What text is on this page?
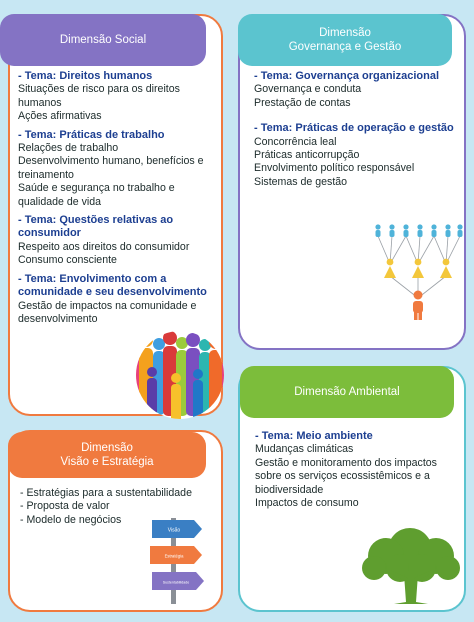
Dimensão Social
- Tema: Direitos humanos
Situações de risco para os direitos humanos
Ações afirmativas
- Tema: Práticas de trabalho
Relações de trabalho
Desenvolvimento humano, benefícios e treinamento
Saúde e segurança no trabalho e qualidade de vida
- Tema: Questões relativas ao consumidor
Respeito aos direitos do consumidor
Consumo consciente
- Tema: Envolvimento com a comunidade e seu desenvolvimento
Gestão de impactos na comunidade e desenvolvimento
Dimensão
Governança e Gestão
- Tema: Governança organizacional
Governança e conduta
Prestação de contas
- Tema: Práticas de operação e gestão
Concorrência leal
Práticas anticorrupção
Envolvimento político responsável
Sistemas de gestão
Dimensão
Visão e Estratégia
- Estratégias para a sustentabilidade
- Proposta de valor
- Modelo de negócios
Visão
Estratégia
Sustentabilidade
Dimensão Ambiental
- Tema: Meio ambiente
Mudanças climáticas
Gestão e monitoramento dos impactos sobre os serviços ecossistêmicos e a biodiversidade
Impactos de consumo
